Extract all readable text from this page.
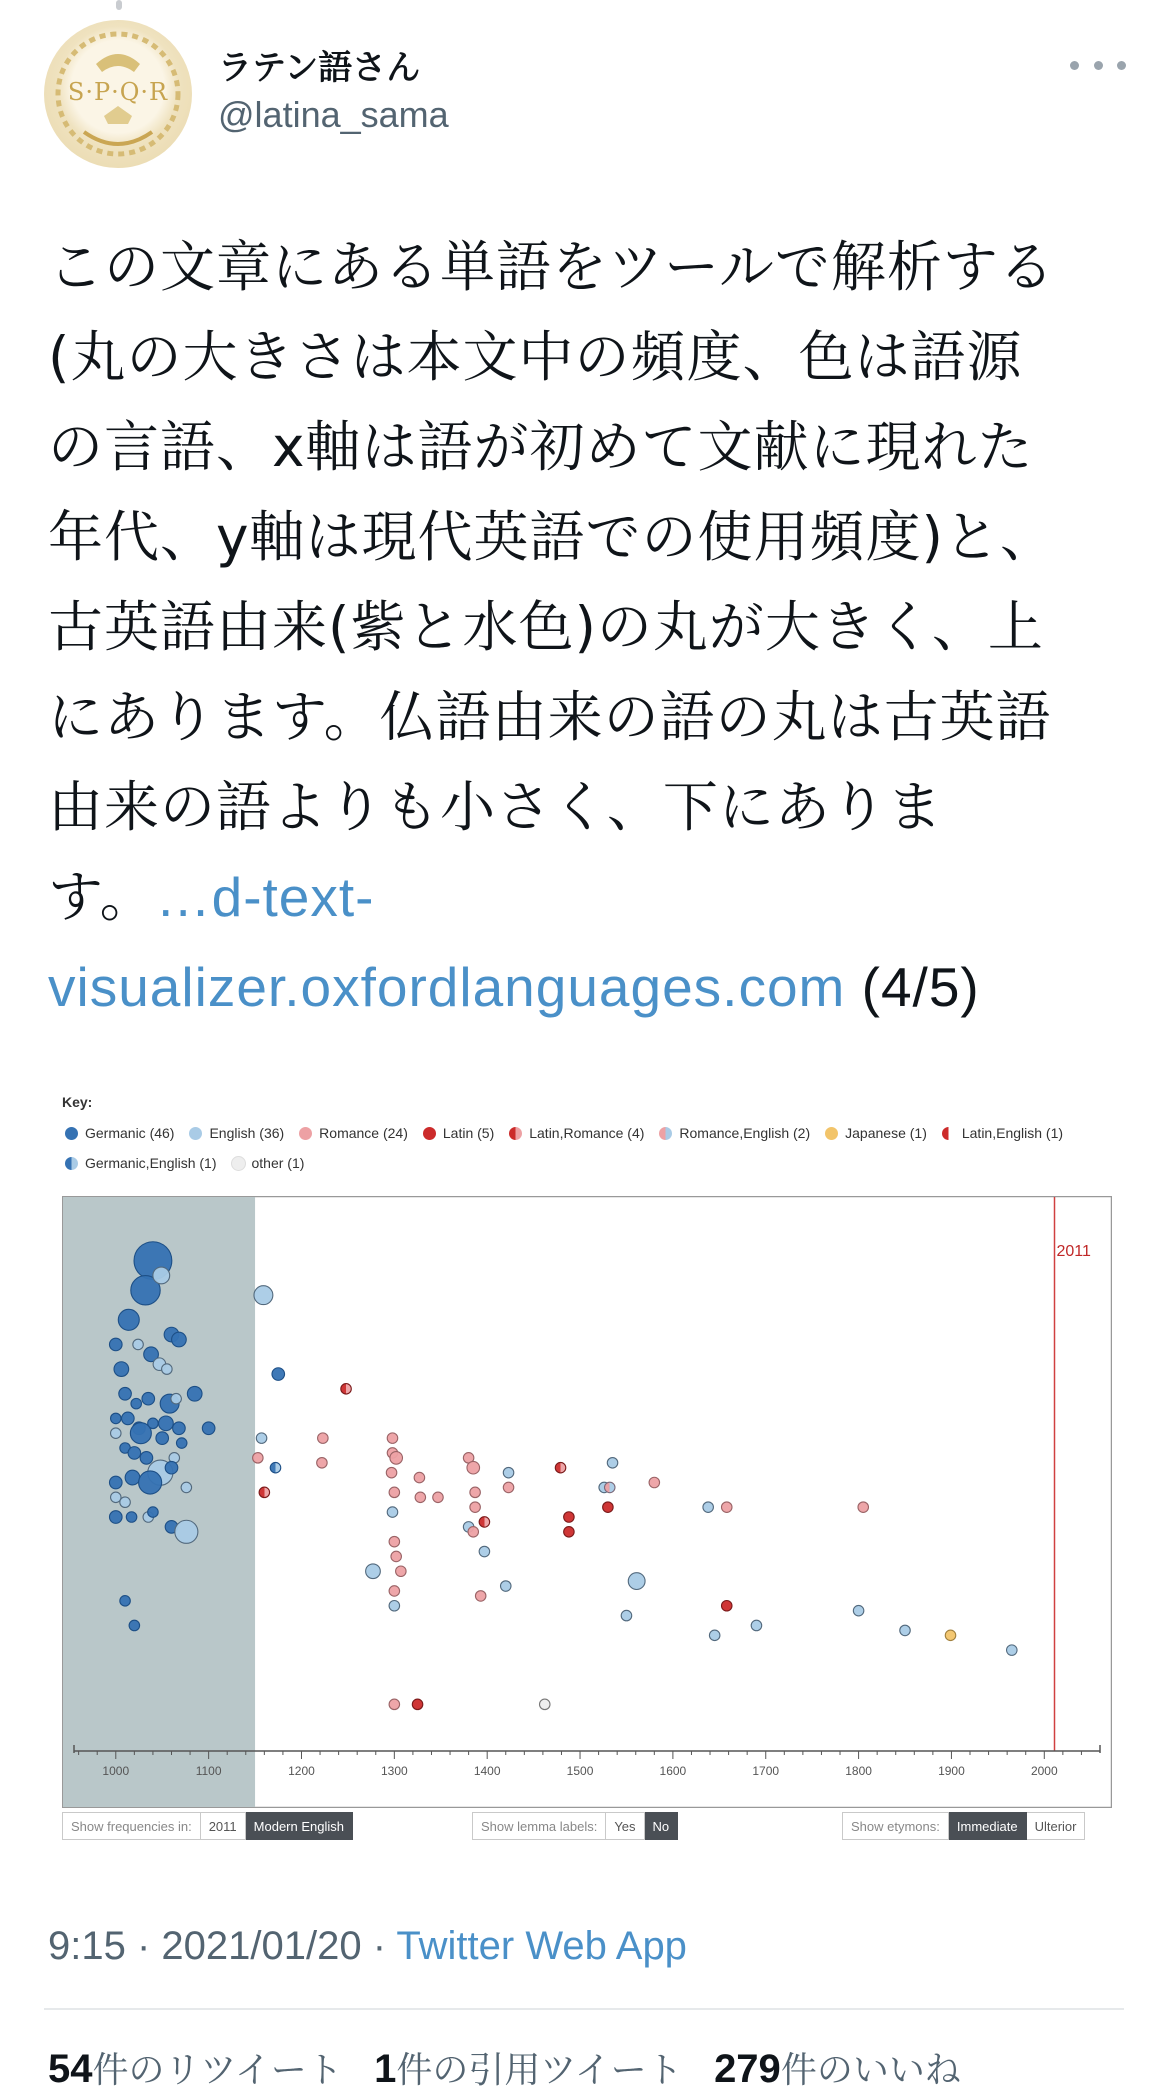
S·P·Q·R
ラテン語さん
@latina_sama
この文章にある単語をツールで解析する
(丸の大きさは本文中の頻度、色は語源
の言語、x軸は語が初めて文献に現れた
年代、y軸は現代英語での使用頻度)と、
古英語由来(紫と水色)の丸が大きく、上
にあります。仏語由来の語の丸は古英語
由来の語よりも小さく、下にありま
す。…d-text-
visualizer.oxfordlanguages.com (4/5)
Key:
Germanic (46)	English (36)	Romance (24)	Latin (5)	Latin,Romance (4)	Romance,English (2)	Japanese (1)	Latin,English (1)
Germanic,English (1)	other (1)
2011
1000	1100	1200	1300	1400	1500	1600	1700	1800	1900	2000
Show frequencies in:	2011	Modern English	Show lemma labels:	Yes	No	Show etymons:	Immediate	Ulterior
9:15 · 2021/01/20 · Twitter Web App
54件のリツイート 1件の引用ツイート 279件のいいね
